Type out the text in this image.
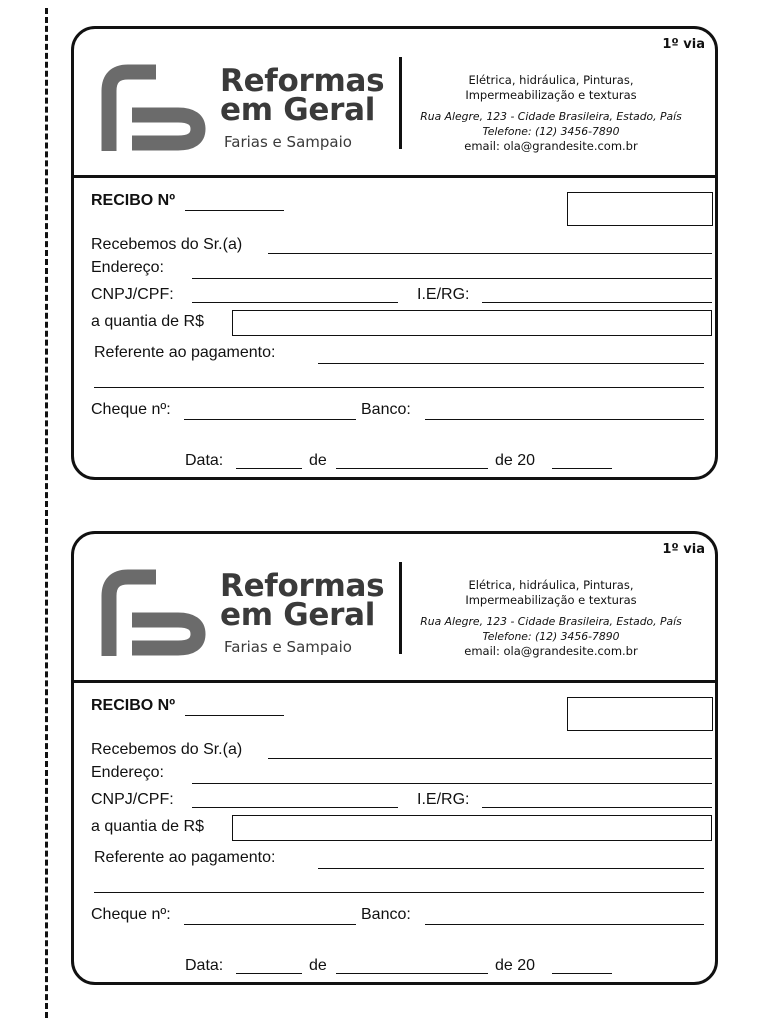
1º via
Reformas
em Geral
Farias e Sampaio
Elétrica, hidráulica, Pinturas,
Impermeabilização e texturas
Rua Alegre, 123 - Cidade Brasileira, Estado, País
Telefone: (12) 3456-7890
email: ola@grandesite.com.br
RECIBO Nº
Recebemos do Sr.(a)
Endereço:
CNPJ/CPF:	I.E/RG:
a quantia de R$
Referente ao pagamento:
Cheque nº:	Banco:
Data:	de	de 20
1º via
Reformas
em Geral
Farias e Sampaio
Elétrica, hidráulica, Pinturas,
Impermeabilização e texturas
Rua Alegre, 123 - Cidade Brasileira, Estado, País
Telefone: (12) 3456-7890
email: ola@grandesite.com.br
RECIBO Nº
Recebemos do Sr.(a)
Endereço:
CNPJ/CPF:	I.E/RG:
a quantia de R$
Referente ao pagamento:
Cheque nº:	Banco:
Data:	de	de 20
